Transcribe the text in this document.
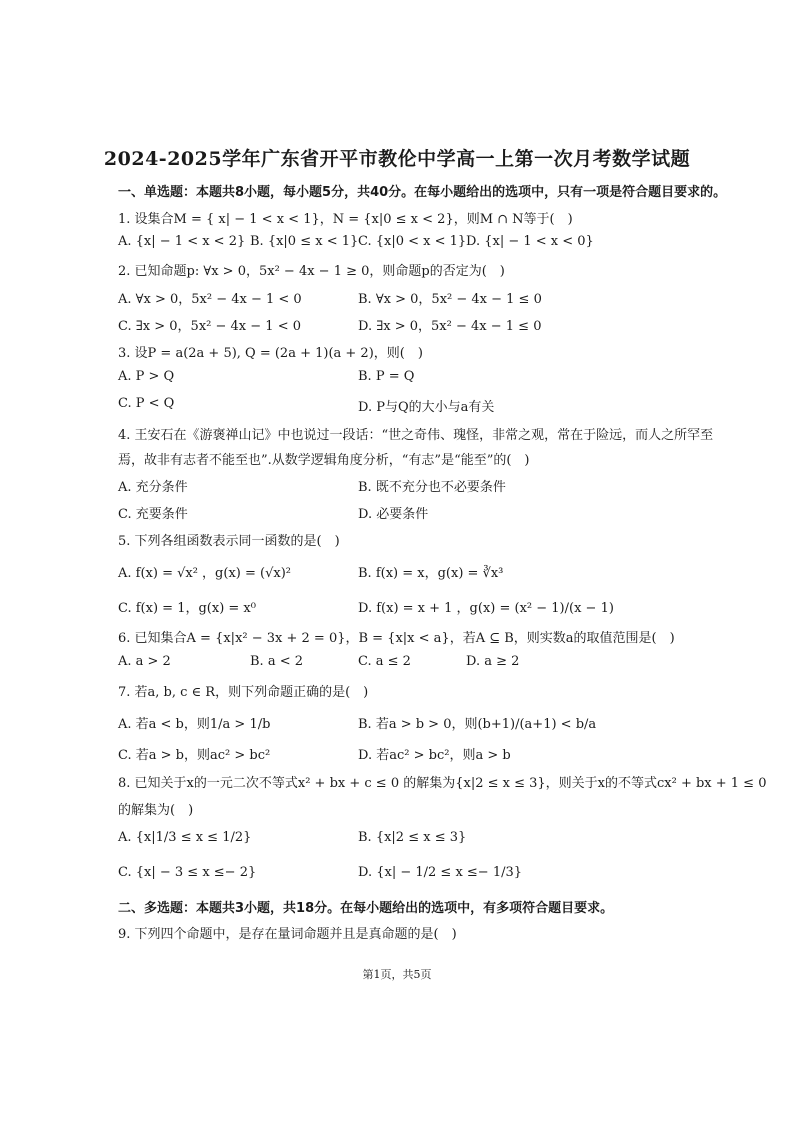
2024-2025学年广东省开平市教伦中学高一上第一次月考数学试题
一、单选题：本题共8小题，每小题5分，共40分。在每小题给出的选项中，只有一项是符合题目要求的。
1. 设集合M = { x| − 1 < x < 1}，N = {x|0 ≤ x < 2}，则M ∩ N等于(　)
A. {x| − 1 < x < 2} B. {x|0 ≤ x < 1} C. {x|0 < x < 1} D. {x| − 1 < x < 0}
2. 已知命题p: ∀x > 0，5x² − 4x − 1 ≥ 0，则命题p的否定为(　)
A. ∀x > 0，5x² − 4x − 1 < 0	B. ∀x > 0，5x² − 4x − 1 ≤ 0
C. ∃x > 0，5x² − 4x − 1 < 0	D. ∃x > 0，5x² − 4x − 1 ≤ 0
3. 设P = a(2a + 5), Q = (2a + 1)(a + 2)，则(　)
A. P > Q	B. P = Q
C. P < Q	D. P与Q的大小与a有关
4. 王安石在《游褒禅山记》中也说过一段话：“世之奇伟、瑰怪，非常之观，常在于险远，而人之所罕至
焉，故非有志者不能至也”.从数学逻辑角度分析，“有志”是“能至”的(　)
A. 充分条件	B. 既不充分也不必要条件
C. 充要条件	D. 必要条件
5. 下列各组函数表示同一函数的是(　)
A. f(x) = √x² ，g(x) = (√x)²	B. f(x) = x，g(x) = ∛x³
C. f(x) = 1，g(x) = x⁰	D. f(x) = x + 1 ，g(x) = (x² − 1)/(x − 1)
6. 已知集合A = {x|x² − 3x + 2 = 0}，B = {x|x < a}，若A ⊆ B，则实数a的取值范围是(　)
A. a > 2	B. a < 2	C. a ≤ 2	D. a ≥ 2
7. 若a, b, c ∈ R，则下列命题正确的是(　)
A. 若a < b，则1/a > 1/b	B. 若a > b > 0，则(b+1)/(a+1) < b/a
C. 若a > b，则ac² > bc²	D. 若ac² > bc²，则a > b
8. 已知关于x的一元二次不等式x² + bx + c ≤ 0 的解集为{x|2 ≤ x ≤ 3}，则关于x的不等式cx² + bx + 1 ≤ 0
的解集为(　)
A. {x|1/3 ≤ x ≤ 1/2}	B. {x|2 ≤ x ≤ 3}
C. {x| − 3 ≤ x ≤− 2}	D. {x| − 1/2 ≤ x ≤− 1/3}
二、多选题：本题共3小题，共18分。在每小题给出的选项中，有多项符合题目要求。
9. 下列四个命题中，是存在量词命题并且是真命题的是(　)
第1页，共5页
